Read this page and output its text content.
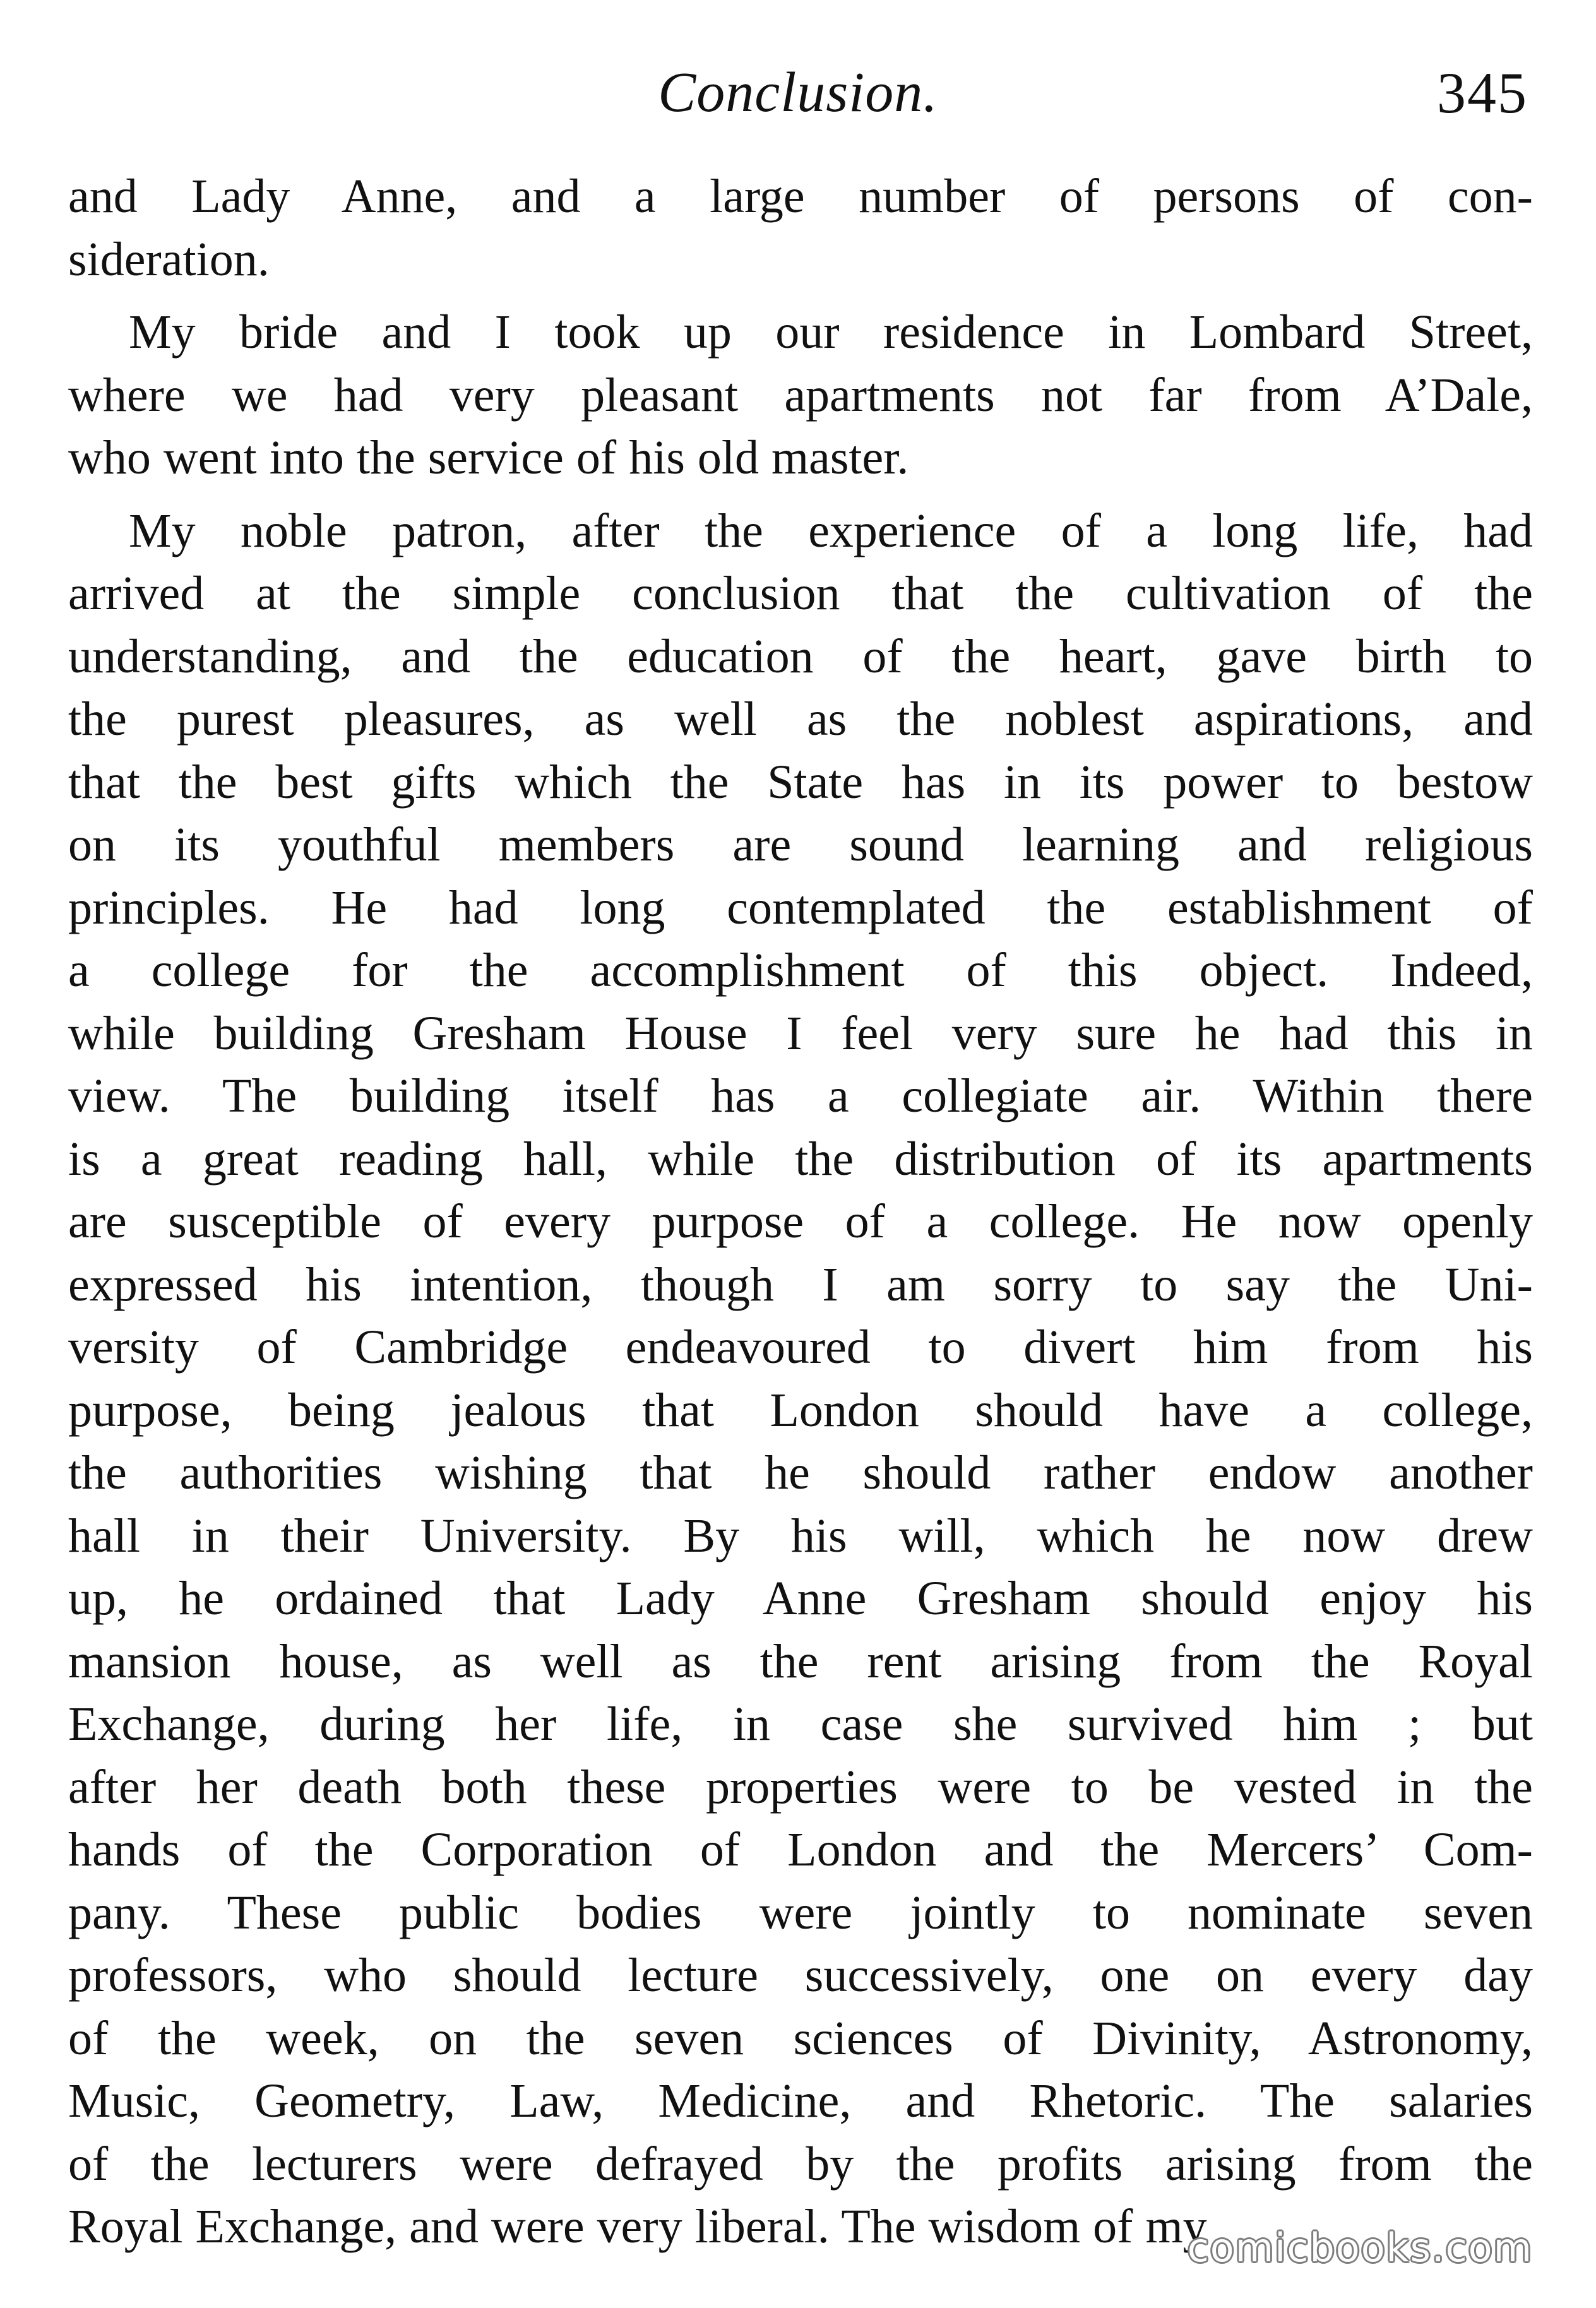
Conclusion.	345
and Lady Anne, and a large number of persons of con-
sideration.
My bride and I took up our residence in Lombard Street,
where we had very pleasant apartments not far from A’Dale,
who went into the service of his old master.
My noble patron, after the experience of a long life, had
arrived at the simple conclusion that the cultivation of the
understanding, and the education of the heart, gave birth to
the purest pleasures, as well as the noblest aspirations, and
that the best gifts which the State has in its power to bestow
on its youthful members are sound learning and religious
principles. He had long contemplated the establishment of
a college for the accomplishment of this object. Indeed,
while building Gresham House I feel very sure he had this in
view. The building itself has a collegiate air. Within there
is a great reading hall, while the distribution of its apartments
are susceptible of every purpose of a college. He now openly
expressed his intention, though I am sorry to say the Uni-
versity of Cambridge endeavoured to divert him from his
purpose, being jealous that London should have a college,
the authorities wishing that he should rather endow another
hall in their University. By his will, which he now drew
up, he ordained that Lady Anne Gresham should enjoy his
mansion house, as well as the rent arising from the Royal
Exchange, during her life, in case she survived him ; but
after her death both these properties were to be vested in the
hands of the Corporation of London and the Mercers’ Com-
pany. These public bodies were jointly to nominate seven
professors, who should lecture successively, one on every day
of the week, on the seven sciences of Divinity, Astronomy,
Music, Geometry, Law, Medicine, and Rhetoric. The salaries
of the lecturers were defrayed by the profits arising from the
Royal Exchange, and were very liberal. The wisdom of my
comicbooks.com
